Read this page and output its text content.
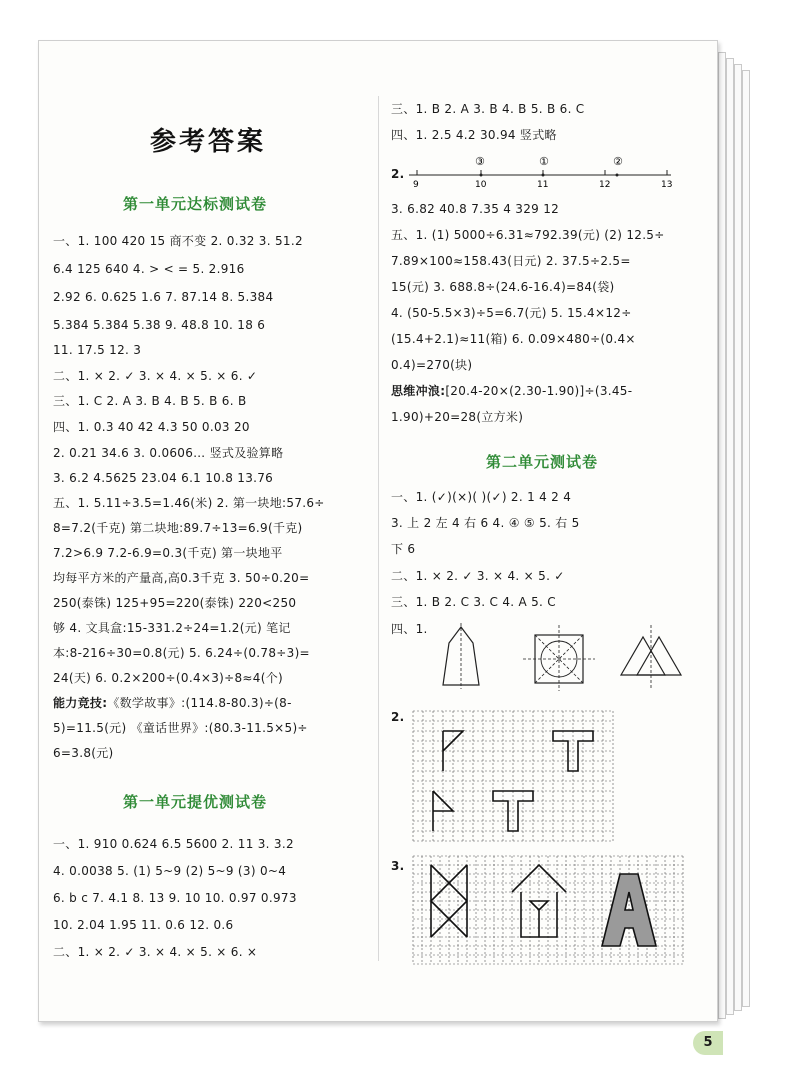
参考答案
第一单元达标测试卷
一、1. 100 420 15 商不变 2. 0.32 3. 51.2
6.4 125 640 4. > < = 5. 2.916
2.92 6. 0.625 1.6 7. 87.14 8. 5.384
5.384 5.384 5.38 9. 48.8 10. 18 6
11. 17.5 12. 3
二、1. × 2. ✓ 3. × 4. × 5. × 6. ✓
三、1. C 2. A 3. B 4. B 5. B 6. B
四、1. 0.3 40 42 4.3 50 0.03 20
2. 0.21 34.6 3. 0.0606… 竖式及验算略
3. 6.2 4.5625 23.04 6.1 10.8 13.76
五、1. 5.11÷3.5=1.46(米) 2. 第一块地:57.6÷
8=7.2(千克) 第二块地:89.7÷13=6.9(千克)
7.2>6.9 7.2-6.9=0.3(千克) 第一块地平
均每平方米的产量高,高0.3千克 3. 50÷0.20=
250(泰铢) 125+95=220(泰铢) 220<250
够 4. 文具盒:15-331.2÷24=1.2(元) 笔记
本:8-216÷30=0.8(元) 5. 6.24÷(0.78÷3)=
24(天) 6. 0.2×200÷(0.4×3)÷8≈4(个)
能力竞技:《数学故事》:(114.8-80.3)÷(8-
5)=11.5(元) 《童话世界》:(80.3-11.5×5)÷
6=3.8(元)
第一单元提优测试卷
一、1. 910 0.624 6.5 5600 2. 11 3. 3.2
4. 0.0038 5. (1) 5~9 (2) 5~9 (3) 0~4
6. b c 7. 4.1 8. 13 9. 10 10. 0.97 0.973
10. 2.04 1.95 11. 0.6 12. 0.6
二、1. × 2. ✓ 3. × 4. × 5. × 6. ×
三、1. B 2. A 3. B 4. B 5. B 6. C
四、1. 2.5 4.2 30.94 竖式略
2.
9	10	11	12	13
③	①	②
3. 6.82 40.8 7.35 4 329 12
五、1. (1) 5000÷6.31≈792.39(元) (2) 12.5÷
7.89×100≈158.43(日元) 2. 37.5÷2.5=
15(元) 3. 688.8÷(24.6-16.4)=84(袋)
4. (50-5.5×3)÷5=6.7(元) 5. 15.4×12÷
(15.4+2.1)≈11(箱) 6. 0.09×480÷(0.4×
0.4)=270(块)
思维冲浪:[20.4-20×(2.30-1.90)]÷(3.45-
1.90)+20=28(立方米)
第二单元测试卷
一、1. (✓)(×)( )(✓) 2. 1 4 2 4
3. 上 2 左 4 右 6 4. ④ ⑤ 5. 右 5
下 6
二、1. × 2. ✓ 3. × 4. × 5. ✓
三、1. B 2. C 3. C 4. A 5. C
四、1.
2.
3.
5
